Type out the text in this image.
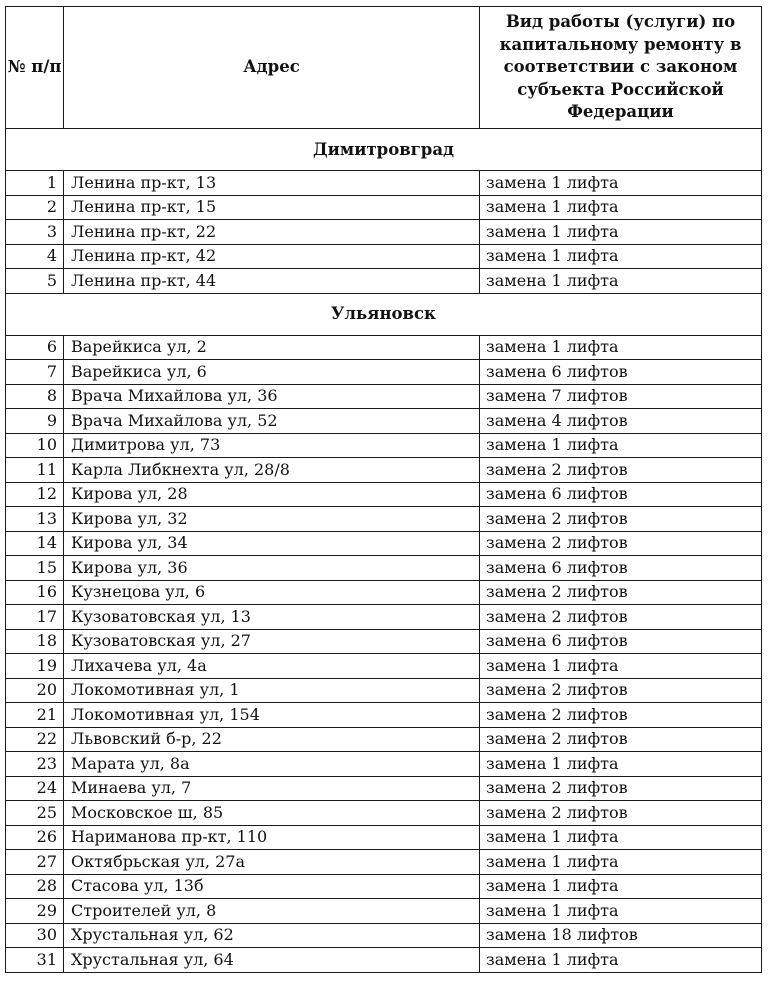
№ п/п	Адрес	Вид работы (услуги) по капитальному ремонту в соответствии с законом субъекта Российской Федерации
Димитровград		
1	Ленина пр-кт, 13	замена 1 лифта
2	Ленина пр-кт, 15	замена 1 лифта
3	Ленина пр-кт, 22	замена 1 лифта
4	Ленина пр-кт, 42	замена 1 лифта
5	Ленина пр-кт, 44	замена 1 лифта
Ульяновск		
6	Варейкиса ул, 2	замена 1 лифта
7	Варейкиса ул, 6	замена 6 лифтов
8	Врача Михайлова ул, 36	замена 7 лифтов
9	Врача Михайлова ул, 52	замена 4 лифтов
10	Димитрова ул, 73	замена 1 лифта
11	Карла Либкнехта ул, 28/8	замена 2 лифтов
12	Кирова ул, 28	замена 6 лифтов
13	Кирова ул, 32	замена 2 лифтов
14	Кирова ул, 34	замена 2 лифтов
15	Кирова ул, 36	замена 6 лифтов
16	Кузнецова ул, 6	замена 2 лифтов
17	Кузоватовская ул, 13	замена 2 лифтов
18	Кузоватовская ул, 27	замена 6 лифтов
19	Лихачева ул, 4а	замена 1 лифта
20	Локомотивная ул, 1	замена 2 лифтов
21	Локомотивная ул, 154	замена 2 лифтов
22	Львовский б-р, 22	замена 2 лифтов
23	Марата ул, 8а	замена 1 лифта
24	Минаева ул, 7	замена 2 лифтов
25	Московское ш, 85	замена 2 лифтов
26	Нариманова пр-кт, 110	замена 1 лифта
27	Октябрьская ул, 27а	замена 1 лифта
28	Стасова ул, 13б	замена 1 лифта
29	Строителей ул, 8	замена 1 лифта
30	Хрустальная ул, 62	замена 18 лифтов
31	Хрустальная ул, 64	замена 1 лифта
